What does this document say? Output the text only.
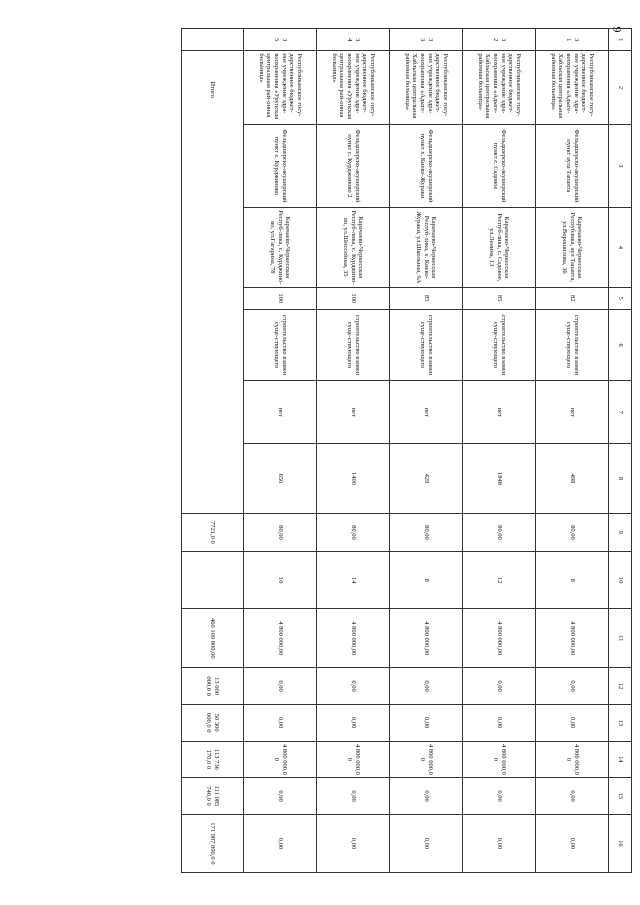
9
1	2	3	4	5	6	7	8	9	10	11	12	13	14	15	16

3
1	Республиканское госу-дарственное бюджет-ное учреждение здра-воохранения «Адыге-Хабльская центральная районная больница»	Фельдшерско-акушерский пункт аула Тапанта	Карачаево-Черкесская Республика, аул Тапанта, ул.Ворошилова, 36	82	строительство взамен суще-ствующего	нет	498	80,00	8	4 800 000,00	0,00	0,00	4 800 000,0 0	0,00	0,00

3
2	Республиканское госу-дарственное бюджет-ное учреждение здра-воохранения «Адыге-Хабльская центральная районная больница»	Фельдшерско-акушерский пункт с. Садовое	Карачаево-Черкесская Респуб-лика, с. Садовое, ул.Ленина, 13	85	строительство взамен суще-ствующего	нет	1848	80,00	12	4 800 000,00	0,00	0,00	4 800 000,0 0	0,00	0,00

3
3	Республиканское госу-дарственное бюджет-ное учреждение здра-воохранения «Адыге-Хабльская центральная районная больница»	Фельдшерско-акушерский пункт х. Киево-Жураки	Карачаево-Черкесская Респуб-лика, х. Киево-Жураки, ул.Школьная, 9А	85	строительство взамен суще-ствующего	нет	429	80,00	8	4 800 000,00	0,00	0,00	4 800 000,0 0	0,00	0,00

3
4	Республиканское госу-дарственное бюджет-ное учреждение здра-воохранения «Урупская центральная рай-онная больница»	Фельдшерско-акушерский пункт с. Курджиново 2	Карачаево-Черкесская Респуб-лика, с. Курджино-во, ул.Шоссейная, 35	100	строительство взамен суще-ствующего	нет	1400	80,00	14	4 800 000,00	0,00	0,00	4 800 000,0 0	0,00	0,00

3
5	Республиканское госу-дарственное бюджет-ное учреждение здра-воохранения «Урупская центральная рай-онная больница»	Фельдшерско-акушерский пункт с. Курджиново	Карачаево-Черкесская Респуб-лика, с. Курджино-во, ул.Гагарина, 78	100	строительство взамен суще-ствующего	нет	650	80,00	10	4 800 000,00	0,00	0,00	4 800 000,0 0	0,00	0,00
	Итого							7721,0 0		460 109 800,00	13 000 000,0 0	50 300 000,0 0	113 736 170,0 0	111 085 740,0 0	171 987 890,0 0
